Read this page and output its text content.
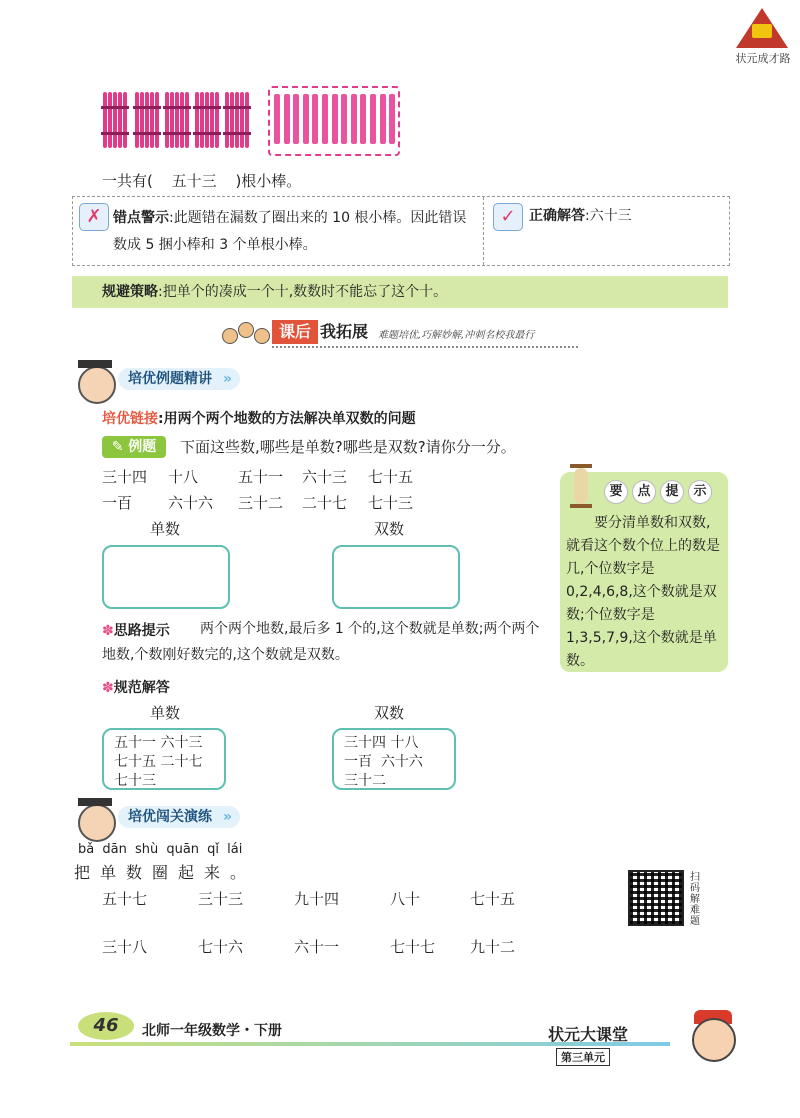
状元成才路
一共有( 五十三 )根小棒。
✗ 错点警示:此题错在漏数了圈出来的 10 根小棒。因此错误数成 5 捆小棒和 3 个单根小棒。
✓ 正确解答:六十三
规避策略:把单个的凑成一个十,数数时不能忘了这个十。
课后 我拓展 难题培优,巧解妙解,冲刺名校我最行
培优例题精讲 »
培优链接:用两个两个地数的方法解决单双数的问题
✎ 例题	下面这些数,哪些是单数?哪些是双数?请你分一分。
三十四 十八	五十一 六十三 七十五
一百 六十六 三十二 二十七 七十三
单数	双数
✽思路提示	两个两个地数,最后多 1 个的,这个数就是单数;两个两个地数,个数刚好数完的,这个数就是双数。
✽规范解答
单数	双数
五十一 六十三
七十五 二十七
七十三
三十四 十八
一百  六十六
三十二
要 点 提 示
要分清单数和双数,就看这个数个位上的数是几,个位数字是 0,2,4,6,8,这个数就是双数;个位数字是 1,3,5,7,9,这个数就是单数。
培优闯关演练 »
bǎ dān shù quān qǐ lái
把单数圈起来。
五十七	三十三	九十四	八十	七十五
三十八	七十六	六十一	七十七 九十二
扫码解难题
46	北师一年级数学・下册	状元大课堂
第三单元
